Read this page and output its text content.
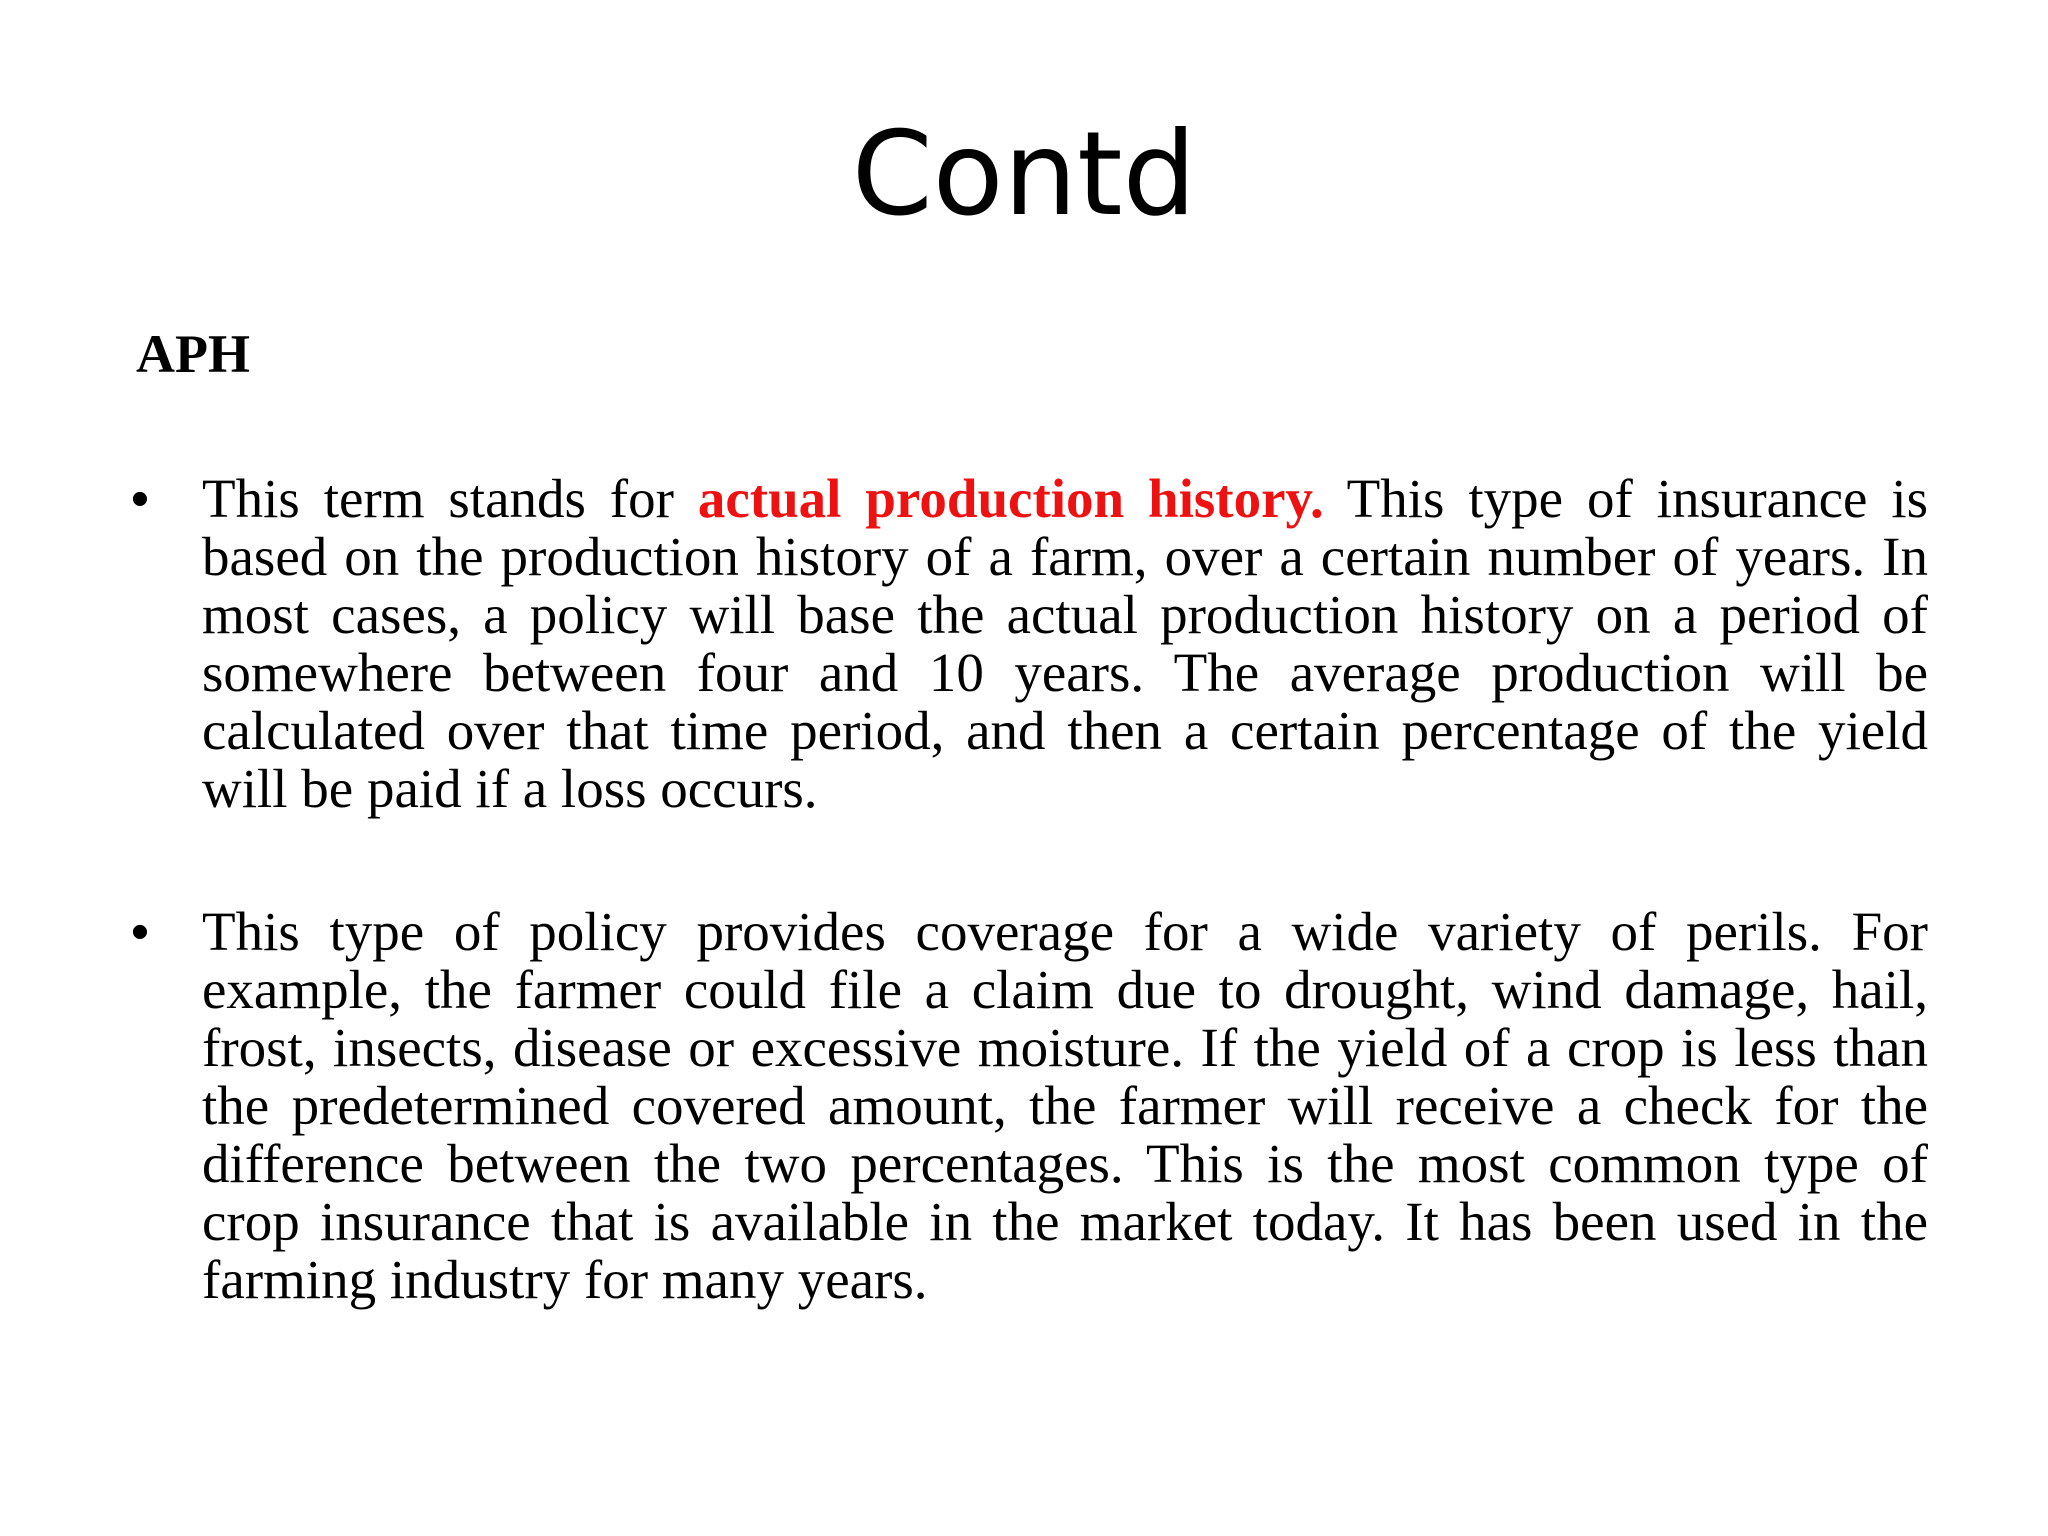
Contd
APH
• This term stands for actual production history. This type of insurance is based on the production history of a farm, over a certain number of years. In most cases, a policy will base the actual production history on a period of somewhere between four and 10 years. The average production will be calculated over that time period, and then a certain percentage of the yield will be paid if a loss occurs.
• This type of policy provides coverage for a wide variety of perils. For example, the farmer could file a claim due to drought, wind damage, hail, frost, insects, disease or excessive moisture. If the yield of a crop is less than the predetermined covered amount, the farmer will receive a check for the difference between the two percentages. This is the most common type of crop insurance that is available in the market today. It has been used in the farming industry for many years.
